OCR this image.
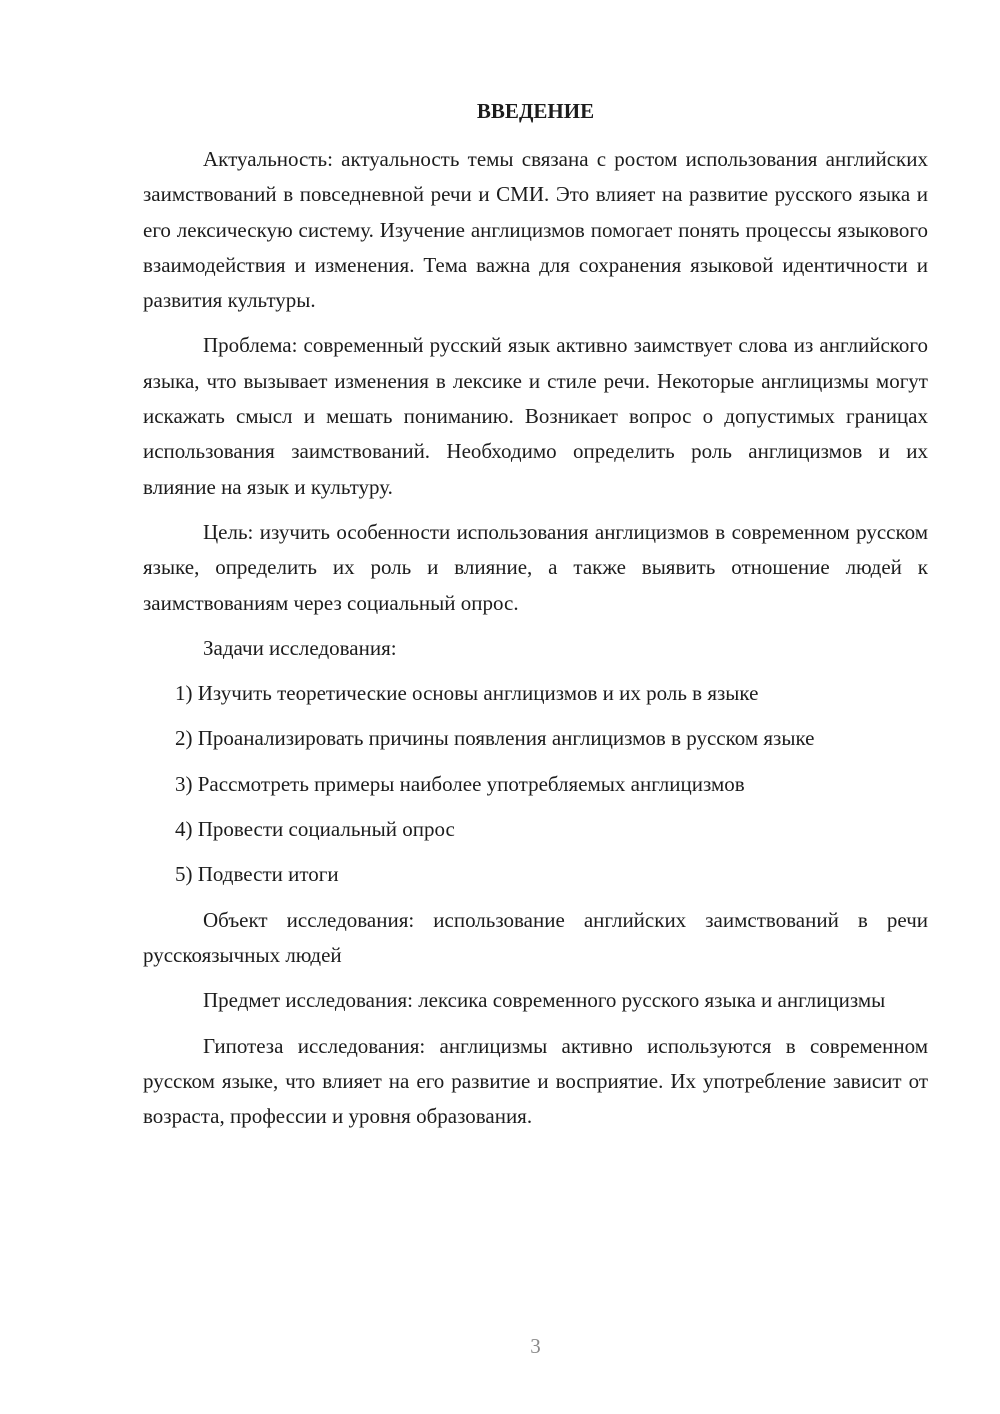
ВВЕДЕНИЕ

Актуальность: актуальность темы связана с ростом использования английских заимствований в повседневной речи и СМИ. Это влияет на развитие русского языка и его лексическую систему. Изучение англицизмов помогает понять процессы языкового взаимодействия и изменения. Тема важна для сохранения языковой идентичности и развития культуры.

Проблема: современный русский язык активно заимствует слова из английского языка, что вызывает изменения в лексике и стиле речи. Некоторые англицизмы могут искажать смысл и мешать пониманию. Возникает вопрос о допустимых границах использования заимствований. Необходимо определить роль англицизмов и их влияние на язык и культуру.

Цель: изучить особенности использования англицизмов в современном русском языке, определить их роль и влияние, а также выявить отношение людей к заимствованиям через социальный опрос.

Задачи исследования:

1) Изучить теоретические основы англицизмов и их роль в языке

2) Проанализировать причины появления англицизмов в русском языке

3) Рассмотреть примеры наиболее употребляемых англицизмов

4) Провести социальный опрос

5) Подвести итоги

Объект исследования: использование английских заимствований в речи русскоязычных людей

Предмет исследования: лексика современного русского языка и англицизмы

Гипотеза исследования: англицизмы активно используются в современном русском языке, что влияет на его развитие и восприятие. Их употребление зависит от возраста, профессии и уровня образования.

3
